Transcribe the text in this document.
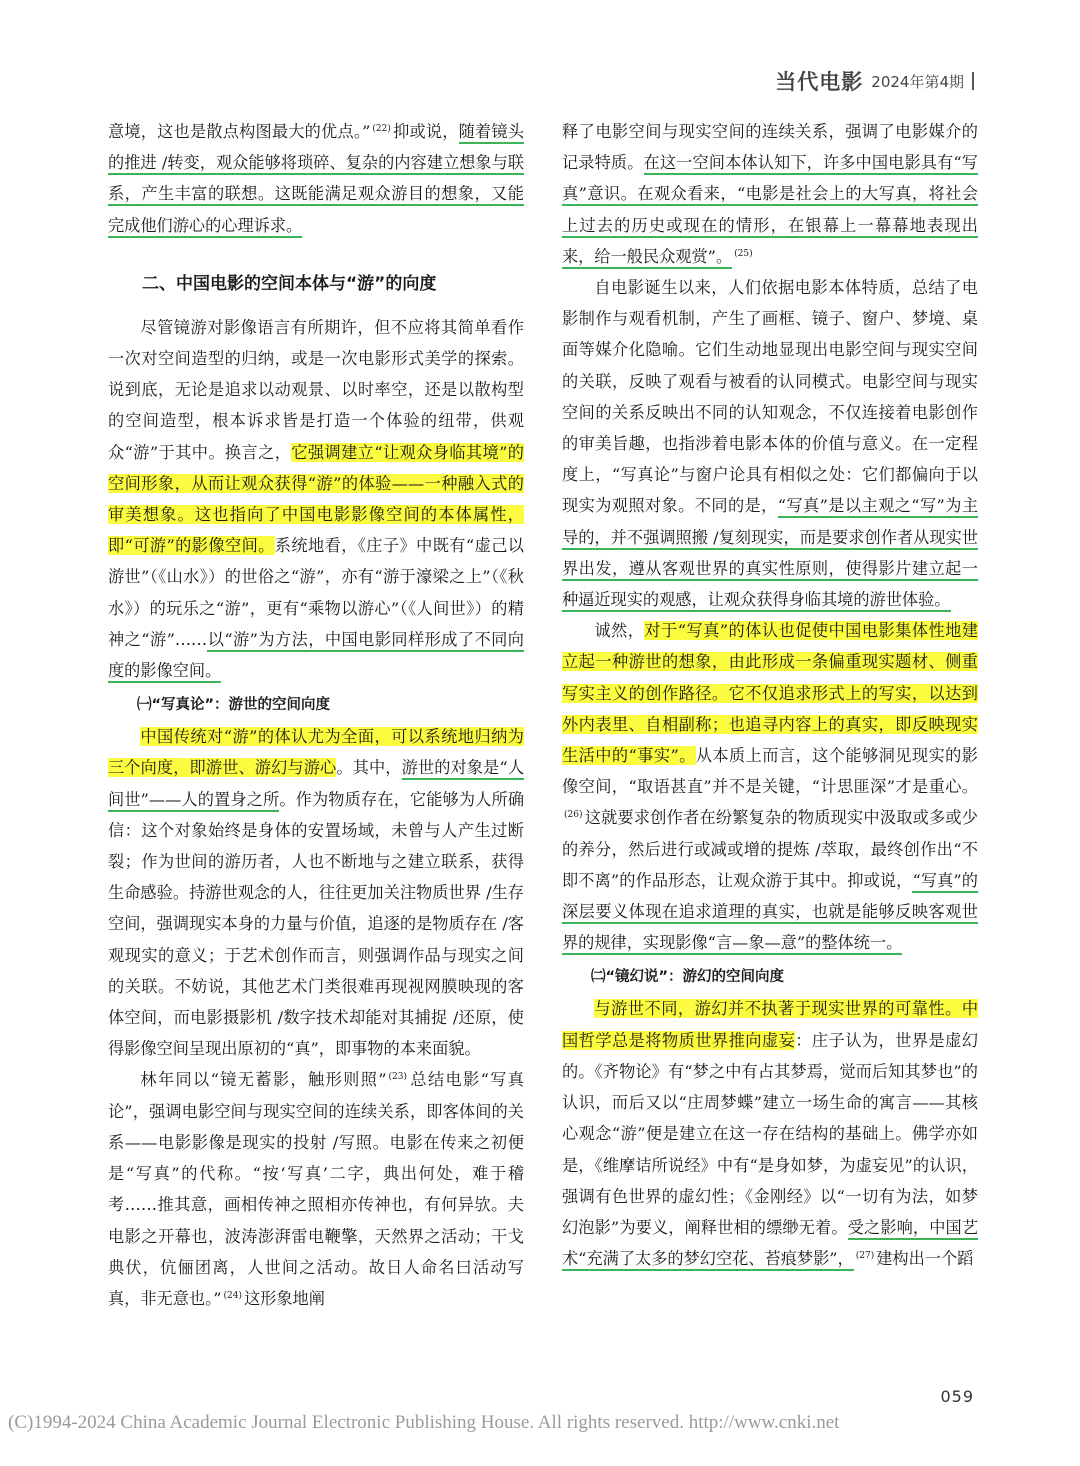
当代电影 2024年第4期

意境，这也是散点构图最大的优点。” $^{(22)}$ 抑或说，随着镜头的推进 /转变，观众能够将琐碎、复杂的内容建立想象与联系，产生丰富的联想。这既能满足观众游目的想象，又能完成他们游心的心理诉求。

二、中国电影的空间本体与“游”的向度

尽管镜游对影像语言有所期许，但不应将其简单看作一次对空间造型的归纳，或是一次电影形式美学的探索。说到底，无论是追求以动观景、以时率空，还是以散构型的空间造型，根本诉求皆是打造一个体验的纽带，供观众“游”于其中。换言之，它强调建立“让观众身临其境”的空间形象，从而让观众获得“游”的体验——一种融入式的审美想象。这也指向了中国电影影像空间的本体属性，即“可游”的影像空间。系统地看，《庄子》中既有“虚己以游世”（《山水》）的世俗之“游”，亦有“游于濠梁之上”（《秋水》）的玩乐之“游”，更有“乘物以游心”（《人间世》）的精神之“游”……以“游”为方法，中国电影同样形成了不同向度的影像空间。

㈠“写真论”：游世的空间向度

中国传统对“游”的体认尤为全面，可以系统地归纳为三个向度，即游世、游幻与游心。其中，游世的对象是“人间世”——人的置身之所。作为物质存在，它能够为人所确信：这个对象始终是身体的安置场域，未曾与人产生过断裂；作为世间的游历者，人也不断地与之建立联系，获得生命感验。持游世观念的人，往往更加关注物质世界 /生存空间，强调现实本身的力量与价值，追逐的是物质存在 /客观现实的意义；于艺术创作而言，则强调作品与现实之间的关联。不妨说，其他艺术门类很难再现视网膜映现的客体空间，而电影摄影机 /数字技术却能对其捕捉 /还原，使得影像空间呈现出原初的“真”，即事物的本来面貌。

林年同以“镜无蓄影，触形则照” $^{(23)}$ 总结电影“写真论”，强调电影空间与现实空间的连续关系，即客体间的关系——电影影像是现实的投射 /写照。电影在传来之初便是“写真”的代称。“按‘写真’二字，典出何处，难于稽考……推其意，画相传神之照相亦传神也，有何异欤。夫电影之开幕也，波涛澎湃雷电鞭擎，天然界之活动；干戈典伏，伉俪团离，人世间之活动。故日人命名曰活动写真，非无意也。” $^{(24)}$ 这形象地阐

释了电影空间与现实空间的连续关系，强调了电影媒介的记录特质。在这一空间本体认知下，许多中国电影具有“写真”意识。在观众看来，“电影是社会上的大写真，将社会上过去的历史或现在的情形，在银幕上一幕幕地表现出来，给一般民众观赏”。 $^{(25)}$

自电影诞生以来，人们依据电影本体特质，总结了电影制作与观看机制，产生了画框、镜子、窗户、梦境、桌面等媒介化隐喻。它们生动地显现出电影空间与现实空间的关联，反映了观看与被看的认同模式。电影空间与现实空间的关系反映出不同的认知观念，不仅连接着电影创作的审美旨趣，也指涉着电影本体的价值与意义。在一定程度上，“写真论”与窗户论具有相似之处：它们都偏向于以现实为观照对象。不同的是，“写真”是以主观之“写”为主导的，并不强调照搬 /复刻现实，而是要求创作者从现实世界出发，遵从客观世界的真实性原则，使得影片建立起一种逼近现实的观感，让观众获得身临其境的游世体验。

诚然，对于“写真”的体认也促使中国电影集体性地建立起一种游世的想象，由此形成一条偏重现实题材、侧重写实主义的创作路径。它不仅追求形式上的写实，以达到外内表里、自相副称；也追寻内容上的真实，即反映现实生活中的“事实”。从本质上而言，这个能够洞见现实的影像空间，“取语甚直”并不是关键，“计思匪深”才是重心。$^{(26)}$ 这就要求创作者在纷繁复杂的物质现实中汲取或多或少的养分，然后进行或减或增的提炼 /萃取，最终创作出“不即不离”的作品形态，让观众游于其中。抑或说，“写真”的深层要义体现在追求道理的真实，也就是能够反映客观世界的规律，实现影像“言—象—意”的整体统一。

㈡“镜幻说”：游幻的空间向度

与游世不同，游幻并不执著于现实世界的可靠性。中国哲学总是将物质世界推向虚妄：庄子认为，世界是虚幻的。《齐物论》有“梦之中有占其梦焉，觉而后知其梦也”的认识，而后又以“庄周梦蝶”建立一场生命的寓言——其核心观念“游”便是建立在这一存在结构的基础上。佛学亦如是，《维摩诘所说经》中有“是身如梦，为虚妄见”的认识，强调有色世界的虚幻性；《金刚经》以“一切有为法，如梦幻泡影”为要义，阐释世相的缥缈无着。受之影响，中国艺术“充满了太多的梦幻空花、苔痕梦影”， $^{(27)}$ 建构出一个蹈

059
(C)1994-2024 China Academic Journal Electronic Publishing House. All rights reserved. http://www.cnki.net
